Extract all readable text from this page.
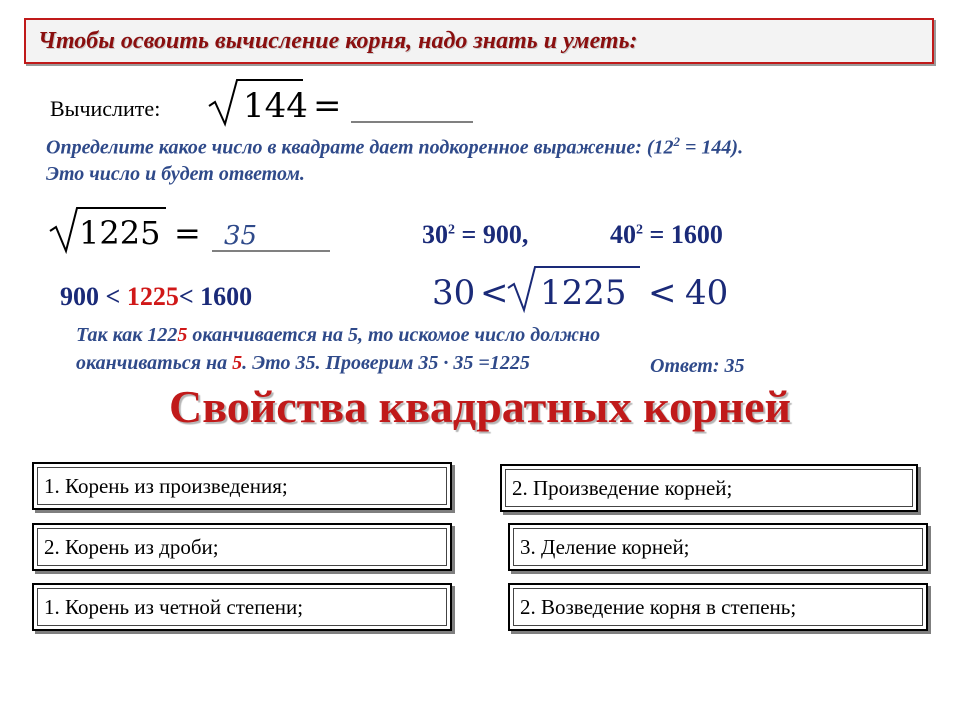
Чтобы освоить вычисление корня, надо знать и уметь:
Вычислите: 144 =
Определите какое число в квадрате дает подкоренное выражение: $(12^2 = 144)$.
Это число и будет ответом.
1225 = 35	$30^2 = 900$,	$40^2 = 1600$
900 < 1225< 1600	30 < 1225 < 40
Так как 1225 оканчивается на 5, то искомое число должно
оканчиваться на 5. Это 35. Проверим 35 · 35 =1225	Ответ: 35
Свойства квадратных корней
1. Корень из произведения;	2. Произведение корней;
2. Корень из дроби;	3. Деление корней;
1. Корень из четной степени;	2. Возведение корня в степень;
